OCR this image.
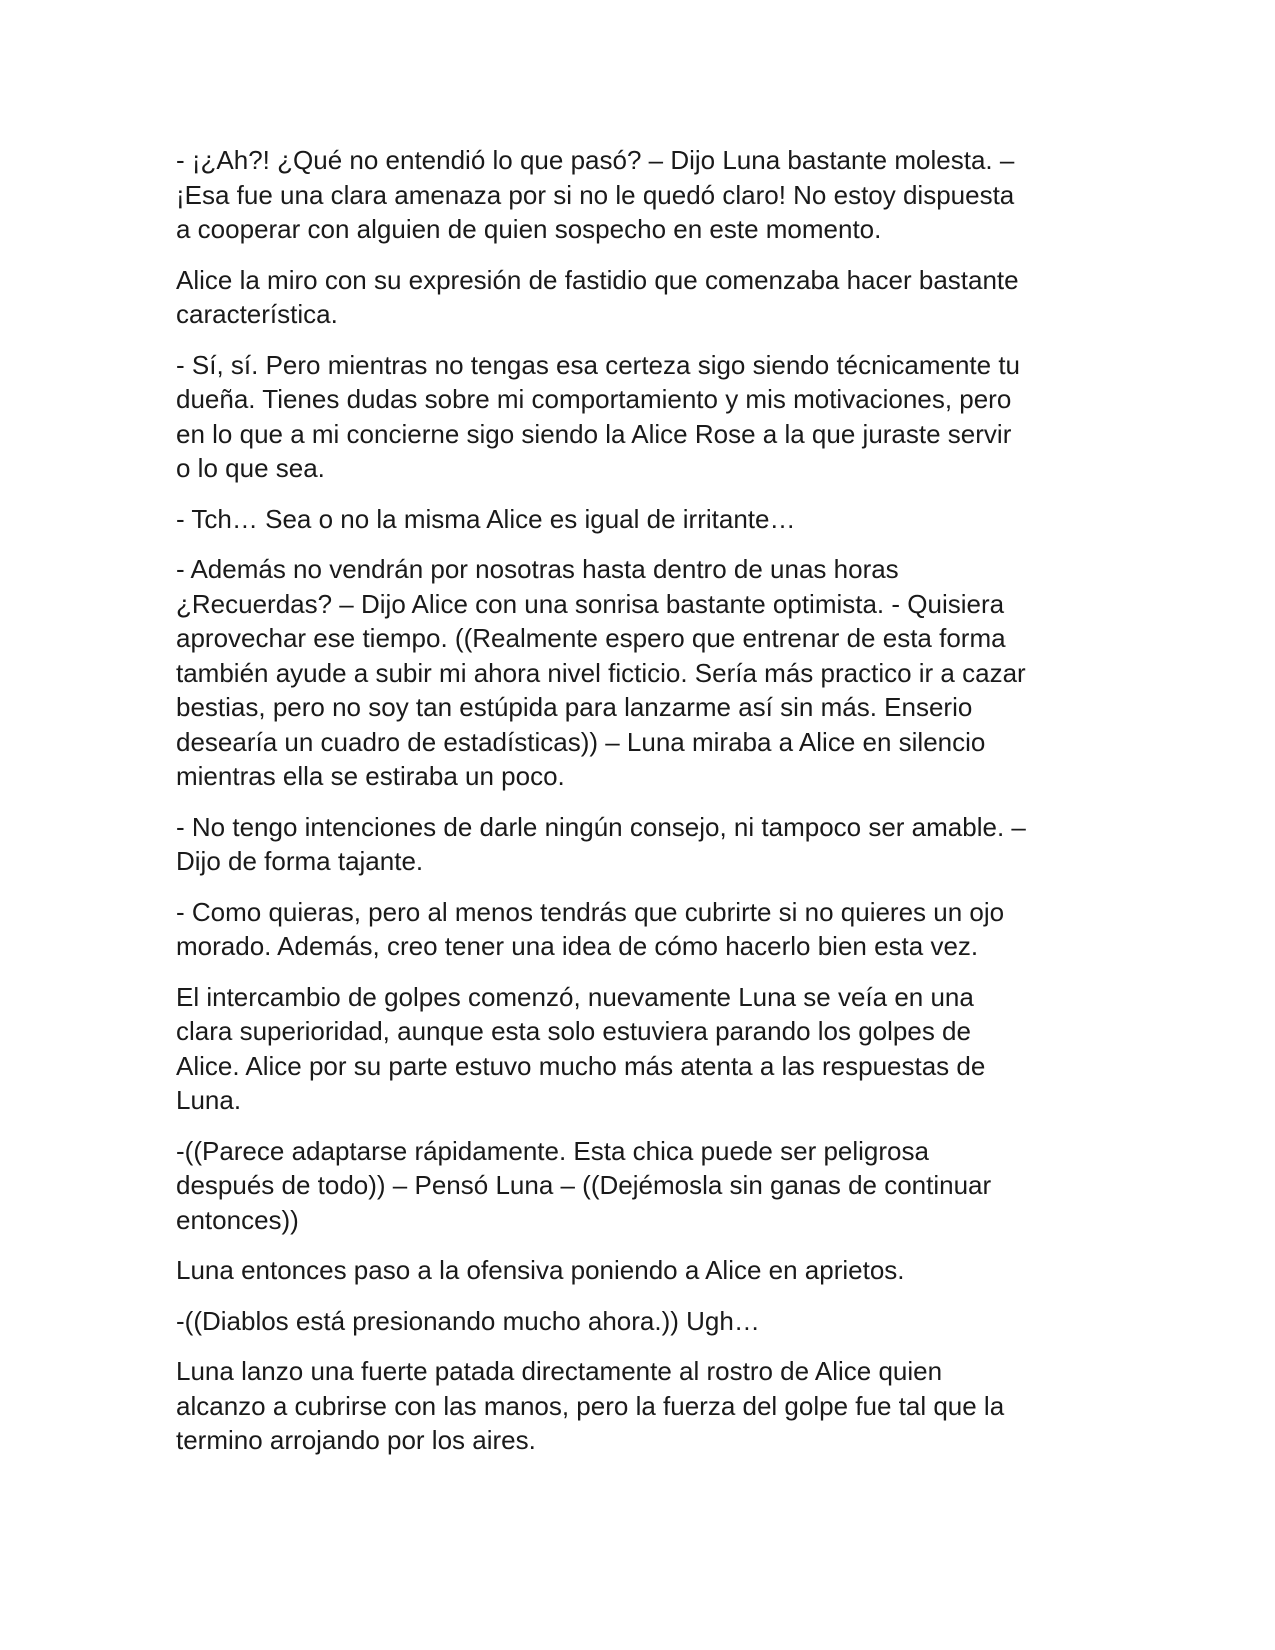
- ¡¿Ah?! ¿Qué no entendió lo que pasó? – Dijo Luna bastante molesta. –
¡Esa fue una clara amenaza por si no le quedó claro! No estoy dispuesta
a cooperar con alguien de quien sospecho en este momento.

Alice la miro con su expresión de fastidio que comenzaba hacer bastante
característica.

- Sí, sí. Pero mientras no tengas esa certeza sigo siendo técnicamente tu
dueña. Tienes dudas sobre mi comportamiento y mis motivaciones, pero
en lo que a mi concierne sigo siendo la Alice Rose a la que juraste servir
o lo que sea.

- Tch… Sea o no la misma Alice es igual de irritante…

- Además no vendrán por nosotras hasta dentro de unas horas
¿Recuerdas? – Dijo Alice con una sonrisa bastante optimista. - Quisiera
aprovechar ese tiempo. ((Realmente espero que entrenar de esta forma
también ayude a subir mi ahora nivel ficticio. Sería más practico ir a cazar
bestias, pero no soy tan estúpida para lanzarme así sin más. Enserio
desearía un cuadro de estadísticas)) – Luna miraba a Alice en silencio
mientras ella se estiraba un poco.

- No tengo intenciones de darle ningún consejo, ni tampoco ser amable. –
Dijo de forma tajante.

- Como quieras, pero al menos tendrás que cubrirte si no quieres un ojo
morado. Además, creo tener una idea de cómo hacerlo bien esta vez.

El intercambio de golpes comenzó, nuevamente Luna se veía en una
clara superioridad, aunque esta solo estuviera parando los golpes de
Alice. Alice por su parte estuvo mucho más atenta a las respuestas de
Luna.

-((Parece adaptarse rápidamente. Esta chica puede ser peligrosa
después de todo)) – Pensó Luna – ((Dejémosla sin ganas de continuar
entonces))

Luna entonces paso a la ofensiva poniendo a Alice en aprietos.

-((Diablos está presionando mucho ahora.)) Ugh…

Luna lanzo una fuerte patada directamente al rostro de Alice quien
alcanzo a cubrirse con las manos, pero la fuerza del golpe fue tal que la
termino arrojando por los aires.
